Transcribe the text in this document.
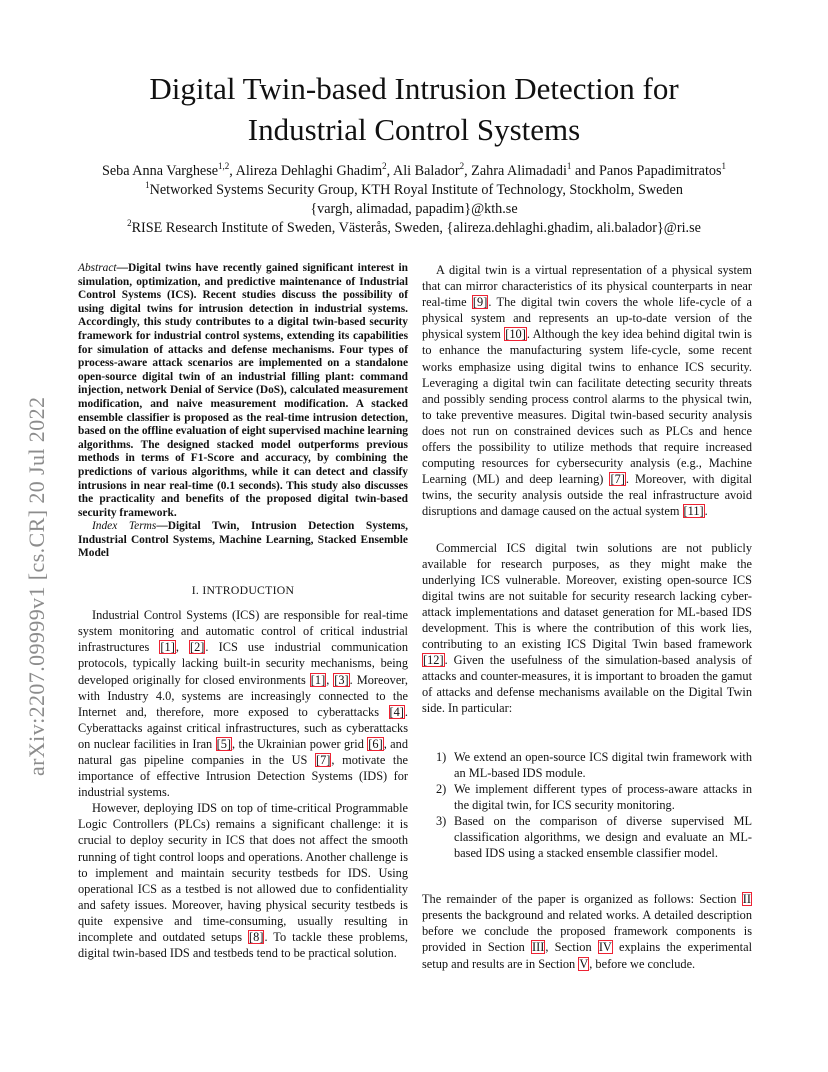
arXiv:2207.09999v1 [cs.CR] 20 Jul 2022
Digital Twin-based Intrusion Detection for
Industrial Control Systems
Seba Anna Varghese$^{1,2}$, Alireza Dehlaghi Ghadim$^2$, Ali Balador$^2$, Zahra Alimadadi$^1$ and Panos Papadimitratos$^1$
$^1$Networked Systems Security Group, KTH Royal Institute of Technology, Stockholm, Sweden
{vargh, alimadad, papadim}@kth.se
$^2$RISE Research Institute of Sweden, Västerås, Sweden, {alireza.dehlaghi.ghadim, ali.balador}@ri.se

Abstract—Digital twins have recently gained significant interest in simulation, optimization, and predictive maintenance of Industrial Control Systems (ICS). Recent studies discuss the possibility of using digital twins for intrusion detection in industrial systems. Accordingly, this study contributes to a digital twin-based security framework for industrial control systems, extending its capabilities for simulation of attacks and defense mechanisms. Four types of process-aware attack scenarios are implemented on a standalone open-source digital twin of an industrial filling plant: command injection, network Denial of Service (DoS), calculated measurement modification, and naive measurement modification. A stacked ensemble classifier is proposed as the real-time intrusion detection, based on the offline evaluation of eight supervised machine learning algorithms. The designed stacked model outperforms previous methods in terms of F1-Score and accuracy, by combining the predictions of various algorithms, while it can detect and classify intrusions in near real-time (0.1 seconds). This study also discusses the practicality and benefits of the proposed digital twin-based security framework.

Index Terms—Digital Twin, Intrusion Detection Systems, Industrial Control Systems, Machine Learning, Stacked Ensemble Model

I. INTRODUCTION

Industrial Control Systems (ICS) are responsible for real-time system monitoring and automatic control of critical industrial infrastructures [1], [2]. ICS use industrial communication protocols, typically lacking built-in security mechanisms, being developed originally for closed environments [1], [3]. Moreover, with Industry 4.0, systems are increasingly connected to the Internet and, therefore, more exposed to cyberattacks [4]. Cyberattacks against critical infrastructures, such as cyberattacks on nuclear facilities in Iran [5], the Ukrainian power grid [6], and natural gas pipeline companies in the US [7], motivate the importance of effective Intrusion Detection Systems (IDS) for industrial systems.

However, deploying IDS on top of time-critical Programmable Logic Controllers (PLCs) remains a significant challenge: it is crucial to deploy security in ICS that does not affect the smooth running of tight control loops and operations. Another challenge is to implement and maintain security testbeds for IDS. Using operational ICS as a testbed is not allowed due to confidentiality and safety issues. Moreover, having physical security testbeds is quite expensive and time-consuming, usually resulting in incomplete and outdated setups [8]. To tackle these problems, digital twin-based IDS and testbeds tend to be practical solution.

A digital twin is a virtual representation of a physical system that can mirror characteristics of its physical counterparts in near real-time [9]. The digital twin covers the whole life-cycle of a physical system and represents an up-to-date version of the physical system [10]. Although the key idea behind digital twin is to enhance the manufacturing system life-cycle, some recent works emphasize using digital twins to enhance ICS security. Leveraging a digital twin can facilitate detecting security threats and possibly sending process control alarms to the physical twin, to take preventive measures. Digital twin-based security analysis does not run on constrained devices such as PLCs and hence offers the possibility to utilize methods that require increased computing resources for cybersecurity analysis (e.g., Machine Learning (ML) and deep learning) [7]. Moreover, with digital twins, the security analysis outside the real infrastructure avoid disruptions and damage caused on the actual system [11].

Commercial ICS digital twin solutions are not publicly available for research purposes, as they might make the underlying ICS vulnerable. Moreover, existing open-source ICS digital twins are not suitable for security research lacking cyber-attack implementations and dataset generation for ML-based IDS development. This is where the contribution of this work lies, contributing to an existing ICS Digital Twin based framework [12]. Given the usefulness of the simulation-based analysis of attacks and counter-measures, it is important to broaden the gamut of attacks and defense mechanisms available on the Digital Twin side. In particular:

1) We extend an open-source ICS digital twin framework with an ML-based IDS module.
2) We implement different types of process-aware attacks in the digital twin, for ICS security monitoring.
3) Based on the comparison of diverse supervised ML classification algorithms, we design and evaluate an ML-based IDS using a stacked ensemble classifier model.

The remainder of the paper is organized as follows: Section II presents the background and related works. A detailed description before we conclude the proposed framework components is provided in Section III, Section IV explains the experimental setup and results are in Section V, before we conclude.
